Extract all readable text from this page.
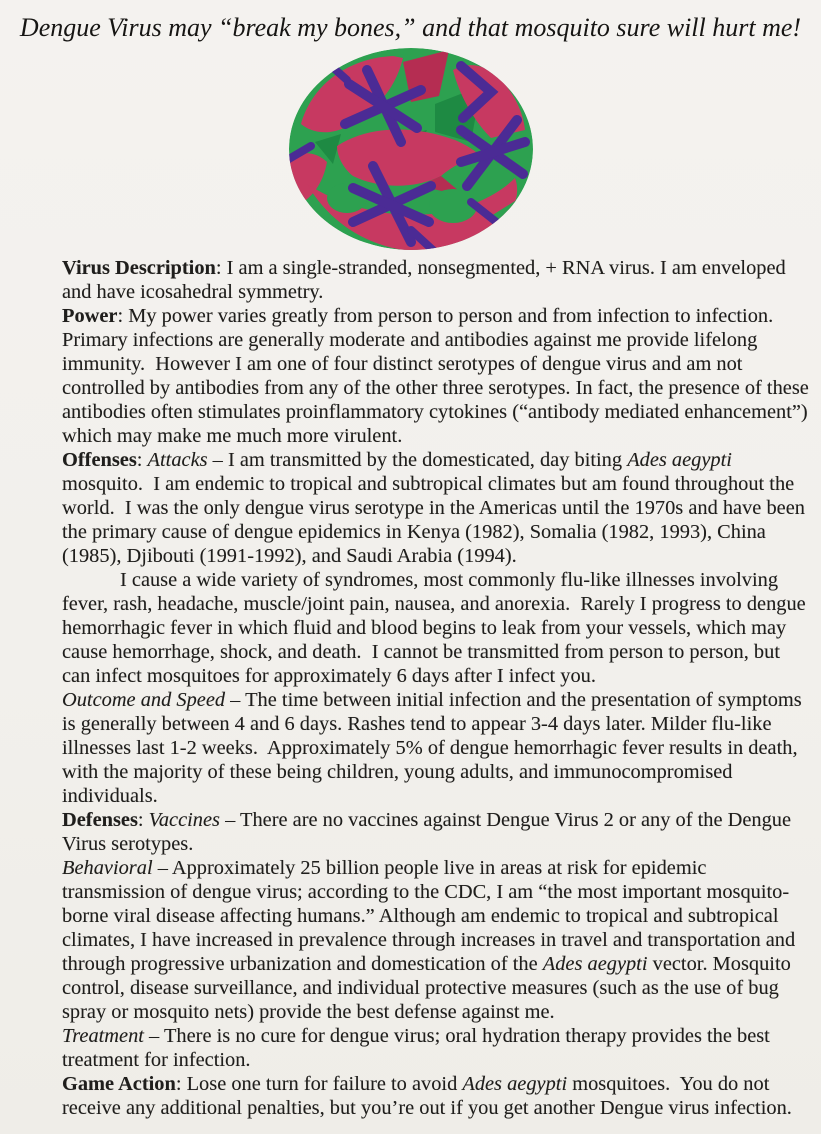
Dengue Virus may “break my bones,” and that mosquito sure will hurt me!

Virus Description: I am a single-stranded, nonsegmented, + RNA virus. I am enveloped and have icosahedral symmetry.

Power: My power varies greatly from person to person and from infection to infection. Primary infections are generally moderate and antibodies against me provide lifelong immunity.  However I am one of four distinct serotypes of dengue virus and am not controlled by antibodies from any of the other three serotypes. In fact, the presence of these antibodies often stimulates proinflammatory cytokines (“antibody mediated enhancement”) which may make me much more virulent.

Offenses: Attacks – I am transmitted by the domesticated, day biting Ades aegypti mosquito.  I am endemic to tropical and subtropical climates but am found throughout the world.  I was the only dengue virus serotype in the Americas until the 1970s and have been the primary cause of dengue epidemics in Kenya (1982), Somalia (1982, 1993), China (1985), Djibouti (1991-1992), and Saudi Arabia (1994).

I cause a wide variety of syndromes, most commonly flu-like illnesses involving fever, rash, headache, muscle/joint pain, nausea, and anorexia.  Rarely I progress to dengue hemorrhagic fever in which fluid and blood begins to leak from your vessels, which may cause hemorrhage, shock, and death.  I cannot be transmitted from person to person, but can infect mosquitoes for approximately 6 days after I infect you.

Outcome and Speed – The time between initial infection and the presentation of symptoms is generally between 4 and 6 days. Rashes tend to appear 3-4 days later. Milder flu-like illnesses last 1-2 weeks.  Approximately 5% of dengue hemorrhagic fever results in death, with the majority of these being children, young adults, and immunocompromised individuals.

Defenses: Vaccines – There are no vaccines against Dengue Virus 2 or any of the Dengue Virus serotypes.

Behavioral – Approximately 25 billion people live in areas at risk for epidemic transmission of dengue virus; according to the CDC, I am “the most important mosquito-borne viral disease affecting humans.” Although am endemic to tropical and subtropical climates, I have increased in prevalence through increases in travel and transportation and through progressive urbanization and domestication of the Ades aegypti vector. Mosquito control, disease surveillance, and individual protective measures (such as the use of bug spray or mosquito nets) provide the best defense against me.

Treatment – There is no cure for dengue virus; oral hydration therapy provides the best treatment for infection.

Game Action: Lose one turn for failure to avoid Ades aegypti mosquitoes.  You do not receive any additional penalties, but you’re out if you get another Dengue virus infection.
